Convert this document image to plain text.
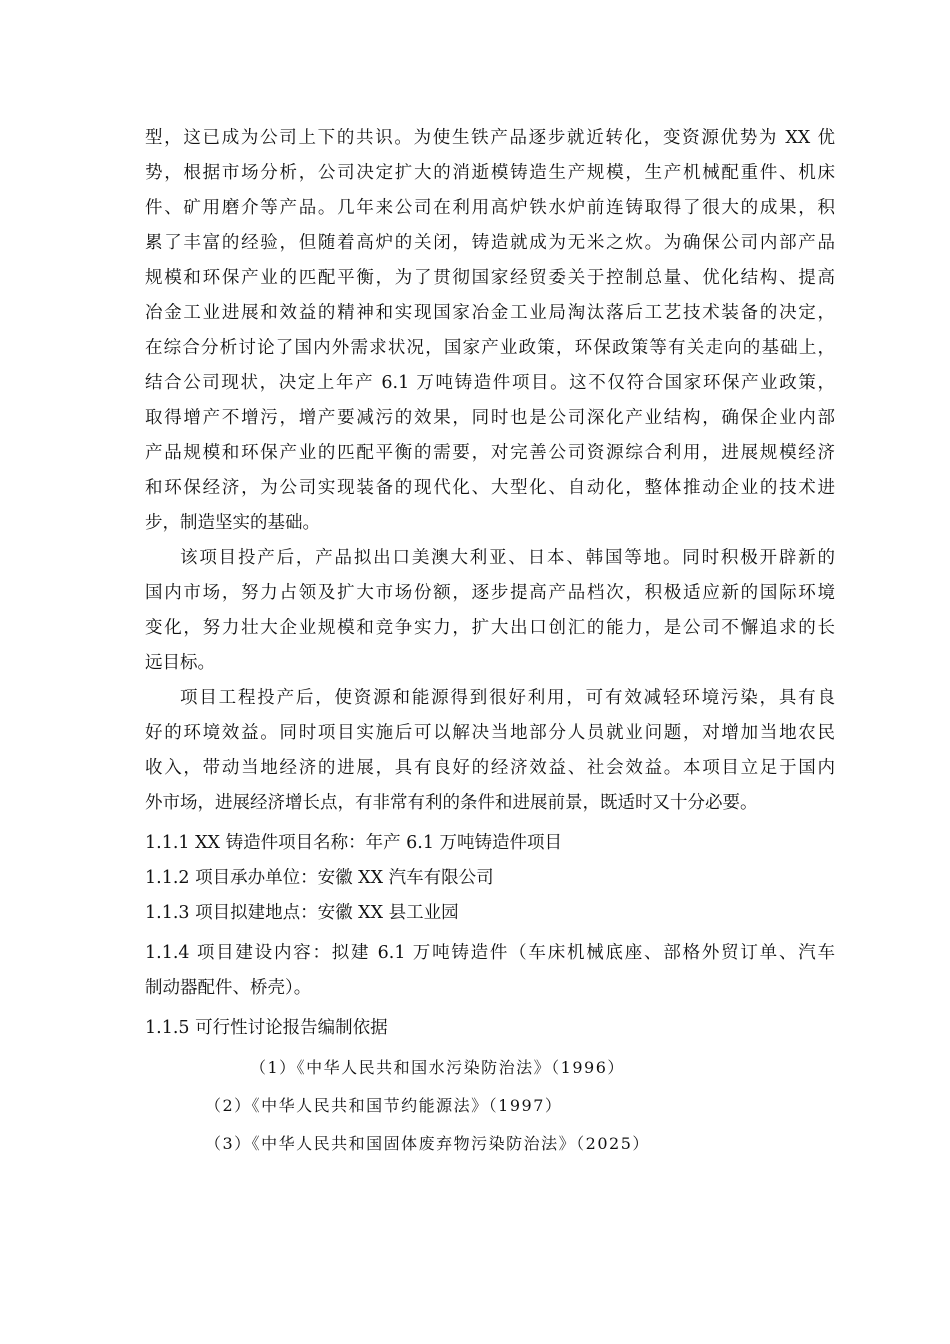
型，这已成为公司上下的共识。为使生铁产品逐步就近转化，变资源优势为 XX 优
势，根据市场分析，公司决定扩大的消逝模铸造生产规模，生产机械配重件、机床
件、矿用磨介等产品。几年来公司在利用高炉铁水炉前连铸取得了很大的成果，积
累了丰富的经验，但随着高炉的关闭，铸造就成为无米之炊。为确保公司内部产品
规模和环保产业的匹配平衡，为了贯彻国家经贸委关于控制总量、优化结构、提高
冶金工业进展和效益的精神和实现国家冶金工业局淘汰落后工艺技术装备的决定，
在综合分析讨论了国内外需求状况，国家产业政策，环保政策等有关走向的基础上，
结合公司现状，决定上年产 6.1 万吨铸造件项目。这不仅符合国家环保产业政策，
取得增产不增污，增产要减污的效果，同时也是公司深化产业结构，确保企业内部
产品规模和环保产业的匹配平衡的需要，对完善公司资源综合利用，进展规模经济
和环保经济，为公司实现装备的现代化、大型化、自动化，整体推动企业的技术进
步，制造坚实的基础。
该项目投产后，产品拟出口美澳大利亚、日本、韩国等地。同时积极开辟新的
国内市场，努力占领及扩大市场份额，逐步提高产品档次，积极适应新的国际环境
变化，努力壮大企业规模和竞争实力，扩大出口创汇的能力，是公司不懈追求的长
远目标。
项目工程投产后，使资源和能源得到很好利用，可有效减轻环境污染，具有良
好的环境效益。同时项目实施后可以解决当地部分人员就业问题，对增加当地农民
收入，带动当地经济的进展，具有良好的经济效益、社会效益。本项目立足于国内
外市场，进展经济增长点，有非常有利的条件和进展前景，既适时又十分必要。
1.1.1 XX 铸造件项目名称：年产 6.1 万吨铸造件项目
1.1.2 项目承办单位：安徽 XX 汽车有限公司
1.1.3 项目拟建地点：安徽 XX 县工业园
1.1.4 项目建设内容：拟建 6.1 万吨铸造件（车床机械底座、部格外贸订单、汽车
制动器配件、桥壳）。
1.1.5 可行性讨论报告编制依据
（1）《中华人民共和国水污染防治法》（1996）
（2）《中华人民共和国节约能源法》（1997）
（3）《中华人民共和国固体废弃物污染防治法》（2025）
